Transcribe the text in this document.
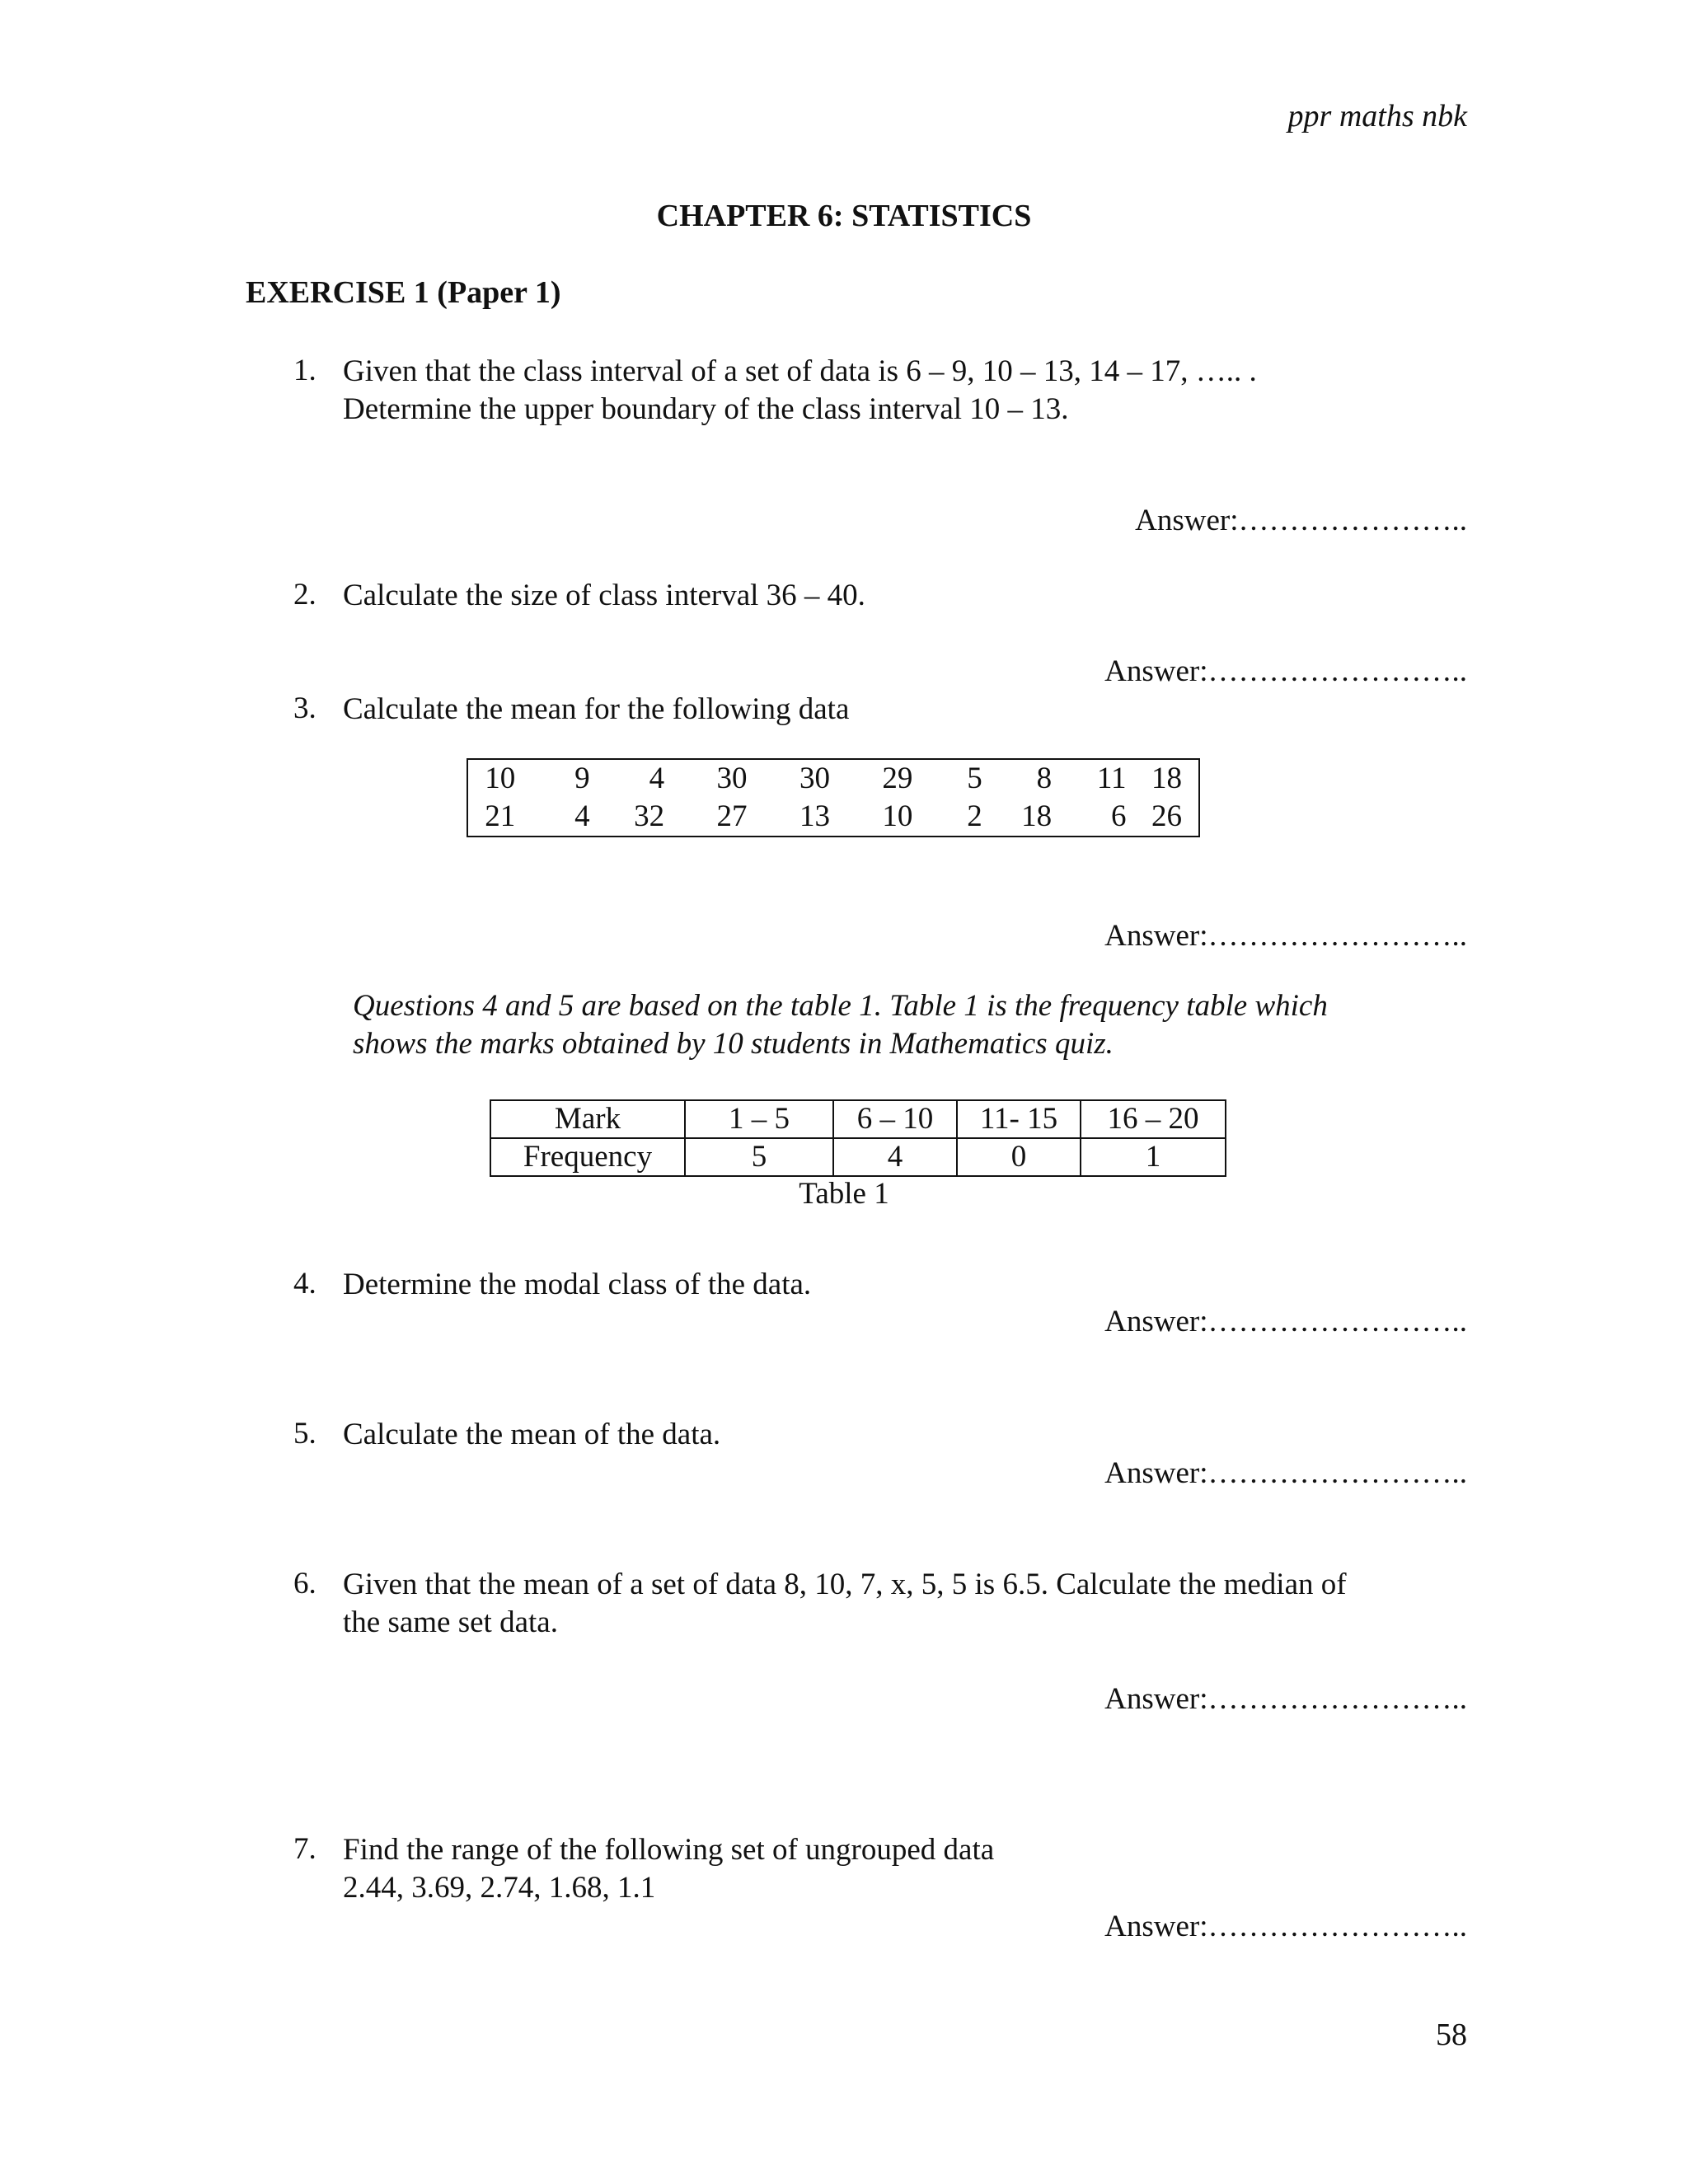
ppr maths nbk
CHAPTER 6: STATISTICS
EXERCISE 1 (Paper 1)
1. Given that the class interval of a set of data is 6 – 9, 10 – 13, 14 – 17, ….. .
Determine the upper boundary of the class interval 10 – 13.
Answer:…………………..
2. Calculate the size of class interval 36 – 40.
Answer:……………………..
3. Calculate the mean for the following data
10	9	4	30	30	29	5	8	11	18
21	4	32	27	13	10	2	18	6	26
Answer:……………………..
Questions 4 and 5 are based on the table 1. Table 1 is the frequency table which
shows the marks obtained by 10 students in Mathematics quiz.
Mark	1 – 5	6 – 10	11- 15	16 – 20
Frequency	5	4	0	1
Table 1
4. Determine the modal class of the data.
Answer:……………………..
5. Calculate the mean of the data.
Answer:……………………..
6. Given that the mean of a set of data 8, 10, 7, x, 5, 5 is 6.5. Calculate the median of
the same set data.
Answer:……………………..
7. Find the range of the following set of ungrouped data
2.44, 3.69, 2.74, 1.68, 1.1
Answer:……………………..
58
